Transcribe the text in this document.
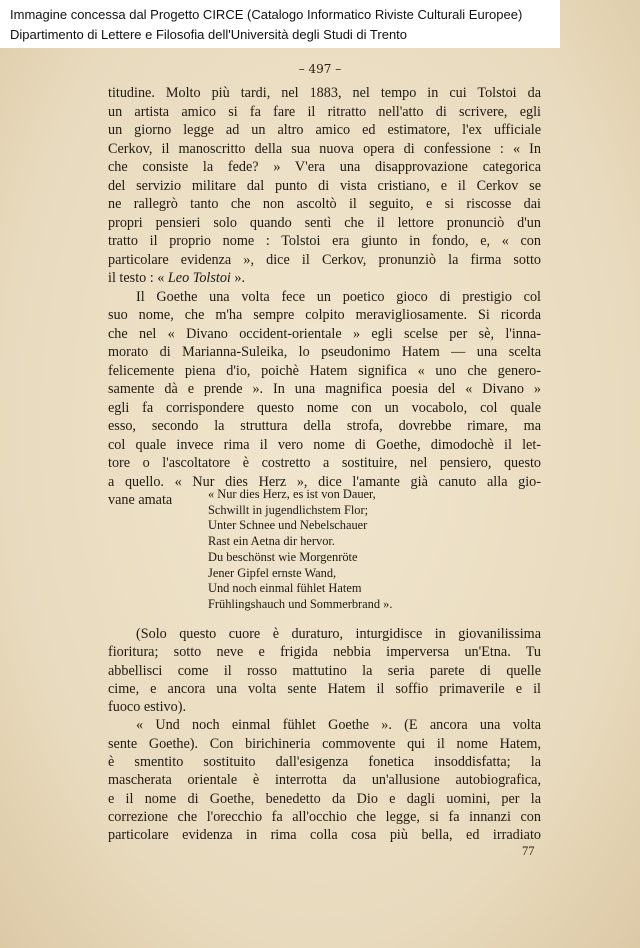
Immagine concessa dal Progetto CIRCE (Catalogo Informatico Riviste Culturali Europee)
Dipartimento di Lettere e Filosofia dell'Università degli Studi di Trento
– 497 –
titudine. Molto più tardi, nel 1883, nel tempo in cui Tolstoi da
un artista amico si fa fare il ritratto nell'atto di scrivere, egli
un giorno legge ad un altro amico ed estimatore, l'ex ufficiale
Cerkov, il manoscritto della sua nuova opera di confessione : « In
che consiste la fede? » V'era una disapprovazione categorica
del servizio militare dal punto di vista cristiano, e il Cerkov se
ne rallegrò tanto che non ascoltò il seguito, e si riscosse dai
propri pensieri solo quando sentì che il lettore pronunciò d'un
tratto il proprio nome : Tolstoi era giunto in fondo, e, « con
particolare evidenza », dice il Cerkov, pronunziò la firma sotto
il testo : « Leo Tolstoi ».
Il Goethe una volta fece un poetico gioco di prestigio col
suo nome, che m'ha sempre colpito meravigliosamente. Si ricorda
che nel « Divano occident-orientale » egli scelse per sè, l'inna-
morato di Marianna-Suleika, lo pseudonimo Hatem — una scelta
felicemente piena d'io, poichè Hatem significa « uno che genero-
samente dà e prende ». In una magnifica poesia del « Divano »
egli fa corrispondere questo nome con un vocabolo, col quale
esso, secondo la struttura della strofa, dovrebbe rimare, ma
col quale invece rima il vero nome di Goethe, dimodochè il let-
tore o l'ascoltatore è costretto a sostituire, nel pensiero, questo
a quello. « Nur dies Herz », dice l'amante già canuto alla gio-
vane amata	« Nur dies Herz, es ist von Dauer,
Schwillt in jugendlichstem Flor;
Unter Schnee und Nebelschauer
Rast ein Aetna dir hervor.
Du beschönst wie Morgenröte
Jener Gipfel ernste Wand,
Und noch einmal fühlet Hatem
Frühlingshauch und Sommerbrand ».
(Solo questo cuore è duraturo, inturgidisce in giovanilissima
fioritura; sotto neve e frigida nebbia imperversa un'Etna. Tu
abbellisci come il rosso mattutino la seria parete di quelle
cime, e ancora una volta sente Hatem il soffio primaverile e il
fuoco estivo).
« Und noch einmal fühlet Goethe ». (E ancora una volta
sente Goethe). Con birichineria commovente qui il nome Hatem,
è smentito sostituito dall'esigenza fonetica insoddisfatta; la
mascherata orientale è interrotta da un'allusione autobiografica,
e il nome di Goethe, benedetto da Dio e dagli uomini, per la
correzione che l'orecchio fa all'occhio che legge, si fa innanzi con
particolare evidenza in rima colla cosa più bella, ed irradiato
77
